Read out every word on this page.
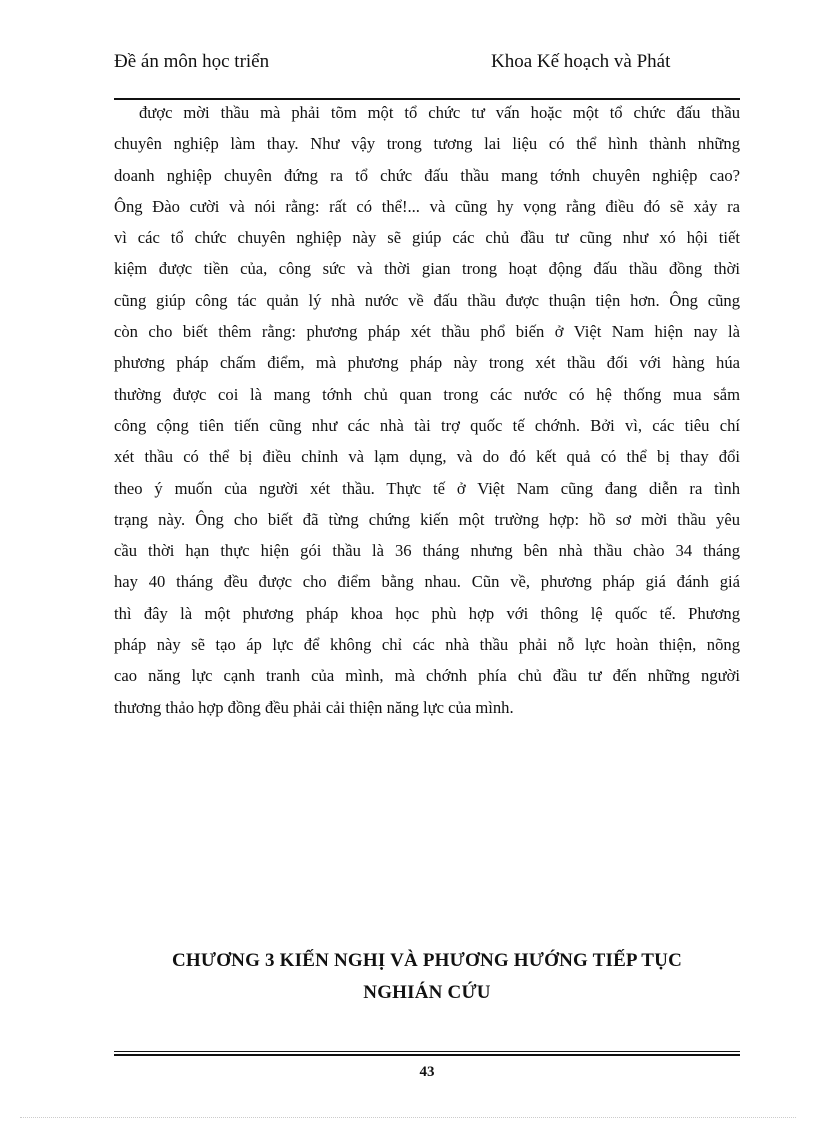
Đề án môn học triển	Khoa Kế hoạch và Phát
được mời thầu mà phải tõm một tổ chức tư vấn hoặc một tổ chức đấu thầu
chuyên nghiệp làm thay. Như vậy trong tương lai liệu có thể hình thành những
doanh nghiệp chuyên đứng ra tổ chức đấu thầu mang tớnh chuyên nghiệp cao?
Ông Đào cười và nói rằng: rất có thể!... và cũng hy vọng rằng điều đó sẽ xảy ra
vì các tổ chức chuyên nghiệp này sẽ giúp các chủ đầu tư cũng như xó hội tiết
kiệm được tiền của, công sức và thời gian trong hoạt động đấu thầu đồng thời
cũng giúp công tác quản lý nhà nước về đấu thầu được thuận tiện hơn. Ông cũng
còn cho biết thêm rằng: phương pháp xét thầu phổ biến ở Việt Nam hiện nay là
phương pháp chấm điểm, mà phương pháp này trong xét thầu đối với hàng húa
thường được coi là mang tớnh chủ quan trong các nước có hệ thống mua sắm
công cộng tiên tiến cũng như các nhà tài trợ quốc tế chớnh. Bởi vì, các tiêu chí
xét thầu có thể bị điều chỉnh và lạm dụng, và do đó kết quả có thể bị thay đổi
theo ý muốn của người xét thầu. Thực tế ở Việt Nam cũng đang diễn ra tình
trạng này. Ông cho biết đã từng chứng kiến một trường hợp: hồ sơ mời thầu yêu
cầu thời hạn thực hiện gói thầu là 36 tháng nhưng bên nhà thầu chào 34 tháng
hay 40 tháng đều được cho điểm bằng nhau. Cũn về, phương pháp giá đánh giá
thì đây là một phương pháp khoa học phù hợp với thông lệ quốc tế. Phương
pháp này sẽ tạo áp lực để không chỉ các nhà thầu phải nỗ lực hoàn thiện, nõng
cao năng lực cạnh tranh của mình, mà chớnh phía chủ đầu tư đến những người
thương thảo hợp đồng đều phải cải thiện năng lực của mình.
CHƯƠNG 3 KIẾN NGHỊ VÀ PHƯƠNG HƯỚNG TIẾP TỤC
NGHIÁN CỨU
43
